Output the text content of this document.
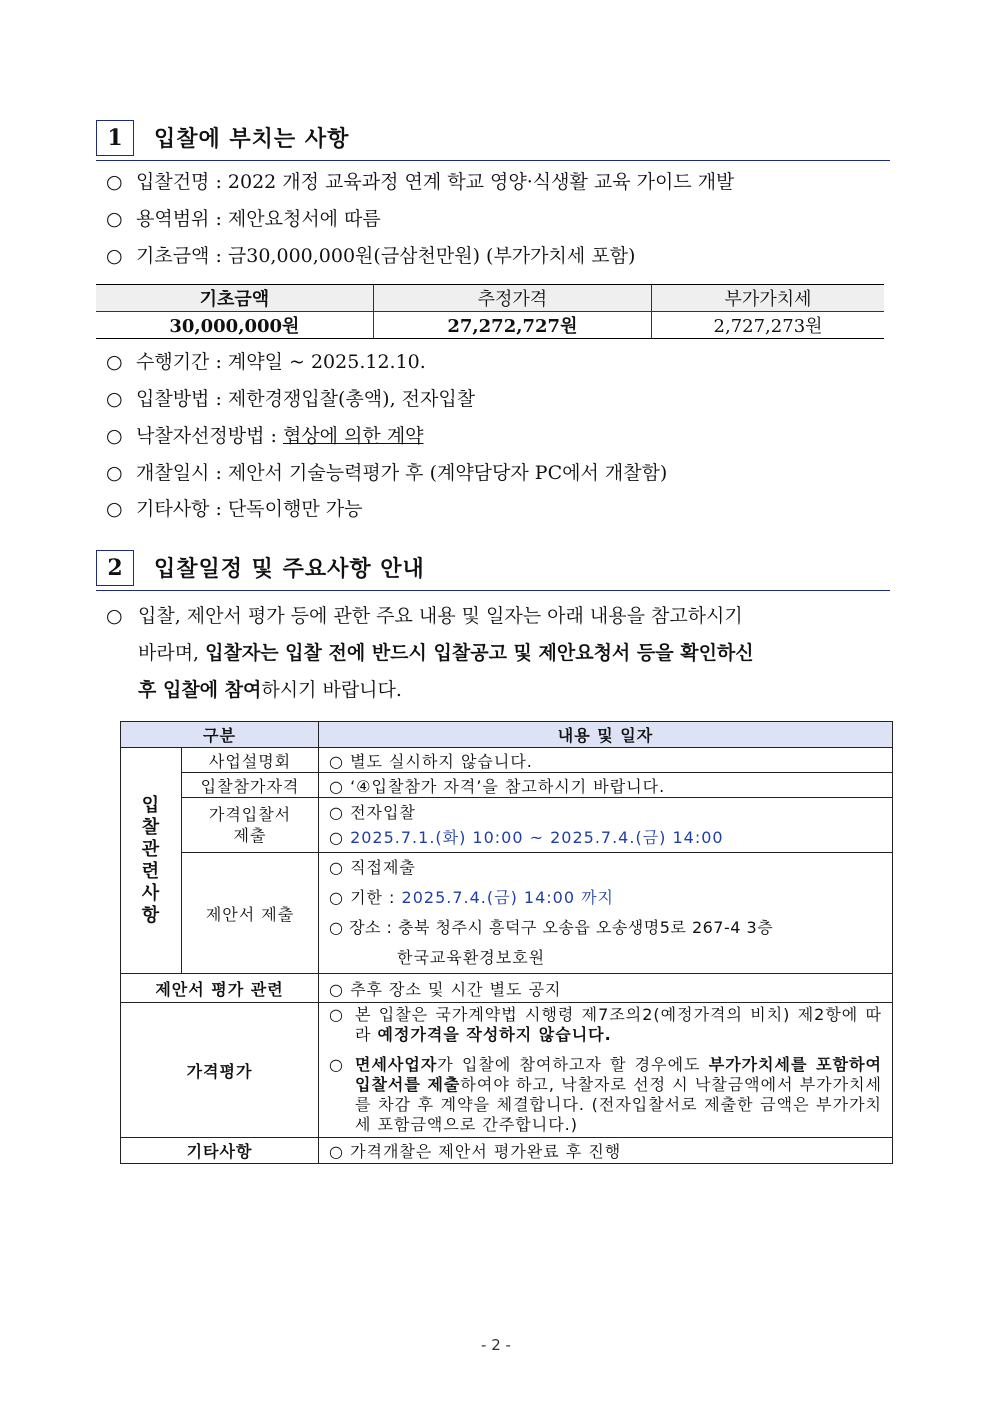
1	입찰에 부치는 사항
○ 입찰건명 : 2022 개정 교육과정 연계 학교 영양·식생활 교육 가이드 개발
○ 용역범위 : 제안요청서에 따름
○ 기초금액 : 금30,000,000원(금삼천만원) (부가가치세 포함)
기초금액	추정가격	부가가치세
30,000,000원	27,272,727원	2,727,273원
○ 수행기간 : 계약일 ~ 2025.12.10.
○ 입찰방법 : 제한경쟁입찰(총액), 전자입찰
○ 낙찰자선정방법 : 협상에 의한 계약
○ 개찰일시 : 제안서 기술능력평가 후 (계약담당자 PC에서 개찰함)
○ 기타사항 : 단독이행만 가능
2	입찰일정 및 주요사항 안내
○ 입찰, 제안서 평가 등에 관한 주요 내용 및 일자는 아래 내용을 참고하시기
바라며, 입찰자는 입찰 전에 반드시 입찰공고 및 제안요청서 등을 확인하신
후 입찰에 참여하시기 바랍니다.
구분		내용 및 일자
입찰관련사항	사업설명회	○ 별도 실시하지 않습니다.
	입찰참가자격	○ ‘④입찰참가 자격’을 참고하시기 바랍니다.
	가격입찰서 제출	○ 전자입찰
○ 2025.7.1.(화) 10:00 ~ 2025.7.4.(금) 14:00

	제안서 제출	○ 직접제출
○ 기한 : 2025.7.4.(금) 14:00 까지
○ 장소 : 충북 청주시 흥덕구 오송읍 오송생명5로 267-4 3층
한국교육환경보호원

제안서 평가 관련		○ 추후 장소 및 시간 별도 공지
가격평가		○ 본 입찰은 국가계약법 시행령 제7조의2(예정가격의 비치) 제2항에 따라 예정가격을 작성하지 않습니다.
○ 면세사업자가 입찰에 참여하고자 할 경우에도 부가가치세를 포함하여 입찰서를 제출하여야 하고, 낙찰자로 선정 시 낙찰금액에서 부가가치세를 차감 후 계약을 체결합니다. (전자입찰서로 제출한 금액은 부가가치세 포함금액으로 간주합니다.)

기타사항		○ 가격개찰은 제안서 평가완료 후 진행
- 2 -
